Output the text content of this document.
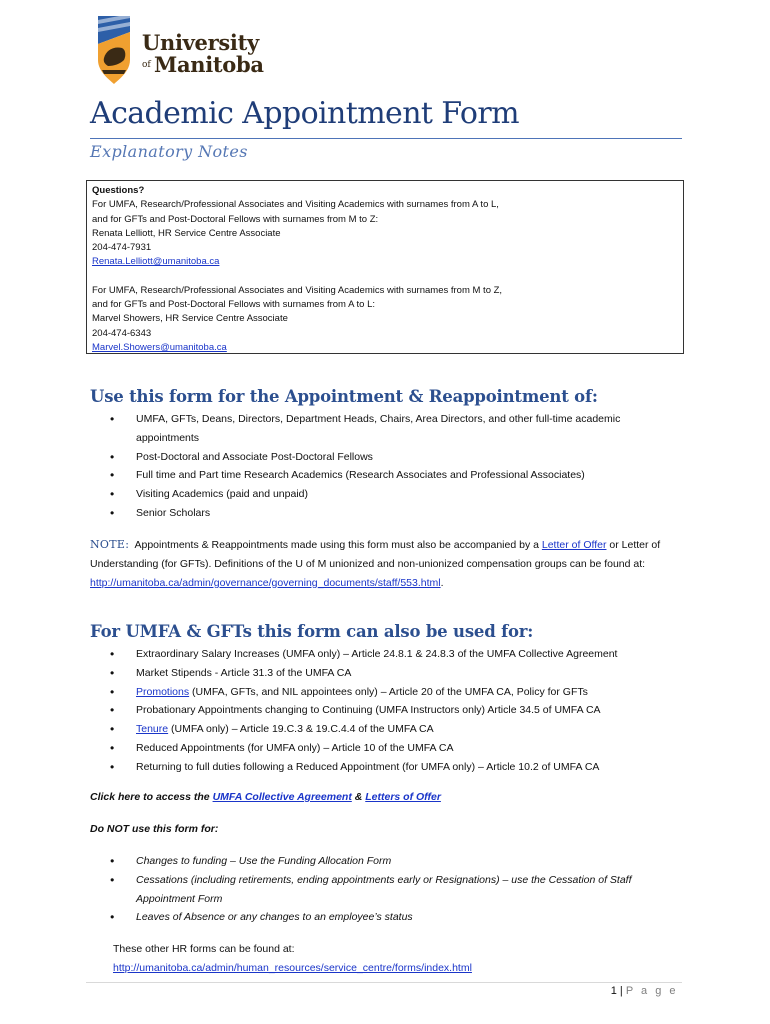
University
of Manitoba
Academic Appointment Form
Explanatory Notes
Questions?
For UMFA, Research/Professional Associates and Visiting Academics with surnames from A to L,
and for GFTs and Post-Doctoral Fellows with surnames from M to Z:
Renata Lelliott, HR Service Centre Associate
204-474-7931
Renata.Lelliott@umanitoba.ca
For UMFA, Research/Professional Associates and Visiting Academics with surnames from M to Z,
and for GFTs and Post-Doctoral Fellows with surnames from A to L:
Marvel Showers, HR Service Centre Associate
204-474-6343
Marvel.Showers@umanitoba.ca
Use this form for the Appointment & Reappointment of:
• UMFA, GFTs, Deans, Directors, Department Heads, Chairs, Area Directors, and other full-time academic appointments
• Post-Doctoral and Associate Post-Doctoral Fellows
• Full time and Part time Research Academics (Research Associates and Professional Associates)
• Visiting Academics (paid and unpaid)
• Senior Scholars
NOTE: Appointments & Reappointments made using this form must also be accompanied by a Letter of Offer or Letter of Understanding (for GFTs). Definitions of the U of M unionized and non-unionized compensation groups can be found at: http://umanitoba.ca/admin/governance/governing_documents/staff/553.html.
For UMFA & GFTs this form can also be used for:
• Extraordinary Salary Increases (UMFA only) – Article 24.8.1 & 24.8.3 of the UMFA Collective Agreement
• Market Stipends - Article 31.3 of the UMFA CA
• Promotions (UMFA, GFTs, and NIL appointees only) – Article 20 of the UMFA CA, Policy for GFTs
• Probationary Appointments changing to Continuing (UMFA Instructors only) Article 34.5 of UMFA CA
• Tenure (UMFA only) – Article 19.C.3 & 19.C.4.4 of the UMFA CA
• Reduced Appointments (for UMFA only) – Article 10 of the UMFA CA
• Returning to full duties following a Reduced Appointment (for UMFA only) – Article 10.2 of UMFA CA
Click here to access the UMFA Collective Agreement & Letters of Offer
Do NOT use this form for:
• Changes to funding – Use the Funding Allocation Form
• Cessations (including retirements, ending appointments early or Resignations) – use the Cessation of Staff Appointment Form
• Leaves of Absence or any changes to an employee’s status
These other HR forms can be found at:
http://umanitoba.ca/admin/human_resources/service_centre/forms/index.html
1 | P a g e
